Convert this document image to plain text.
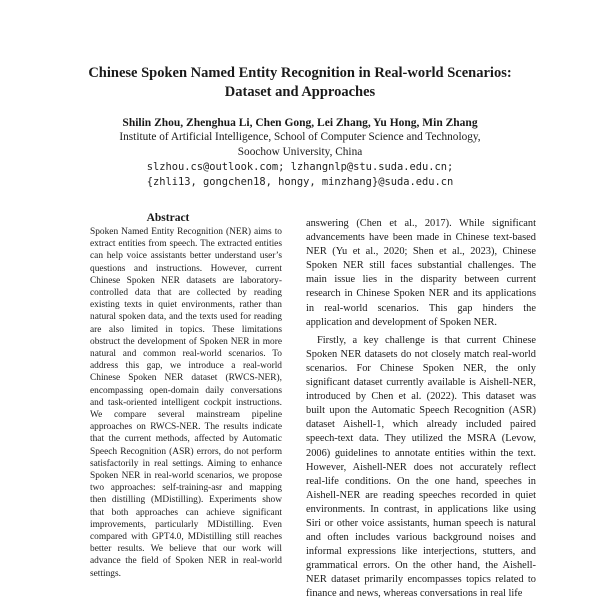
Chinese Spoken Named Entity Recognition in Real-world Scenarios:
Dataset and Approaches
Shilin Zhou, Zhenghua Li, Chen Gong, Lei Zhang, Yu Hong, Min Zhang
Institute of Artificial Intelligence, School of Computer Science and Technology,
Soochow University, China
slzhou.cs@outlook.com; lzhangnlp@stu.suda.edu.cn;
{zhli13, gongchen18, hongy, minzhang}@suda.edu.cn
Abstract
Spoken Named Entity Recognition (NER) aims to extract entities from speech. The extracted entities can help voice assistants better understand user’s questions and instructions. However, current Chinese Spoken NER datasets are laboratory-controlled data that are collected by reading existing texts in quiet environments, rather than natural spoken data, and the texts used for reading are also limited in topics. These limitations obstruct the development of Spoken NER in more natural and common real-world scenarios. To address this gap, we introduce a real-world Chinese Spoken NER dataset (RWCS-NER), encompassing open-domain daily conversations and task-oriented intelligent cockpit instructions. We compare several mainstream pipeline approaches on RWCS-NER. The results indicate that the current methods, affected by Automatic Speech Recognition (ASR) errors, do not perform satisfactorily in real settings. Aiming to enhance Spoken NER in real-world scenarios, we propose two approaches: self-training-asr and mapping then distilling (MDistilling). Experiments show that both approaches can achieve significant improvements, particularly MDistilling. Even compared with GPT4.0, MDistilling still reaches better results. We believe that our work will advance the field of Spoken NER in real-world settings.

answering (Chen et al., 2017). While significant advancements have been made in Chinese text-based NER (Yu et al., 2020; Shen et al., 2023), Chinese Spoken NER still faces substantial challenges. The main issue lies in the disparity between current research in Chinese Spoken NER and its applications in real-world scenarios. This gap hinders the application and development of Spoken NER.

Firstly, a key challenge is that current Chinese Spoken NER datasets do not closely match real-world scenarios. For Chinese Spoken NER, the only significant dataset currently available is Aishell-NER, introduced by Chen et al. (2022). This dataset was built upon the Automatic Speech Recognition (ASR) dataset Aishell-1, which already included paired speech-text data. They utilized the MSRA (Levow, 2006) guidelines to annotate entities within the text. However, Aishell-NER does not accurately reflect real-life conditions. On the one hand, speeches in Aishell-NER are reading speeches recorded in quiet environments. In contrast, in applications like using Siri or other voice assistants, human speech is natural and often includes various background noises and informal expressions like interjections, stutters, and grammatical errors. On the other hand, the Aishell-NER dataset primarily encompasses topics related to finance and news, whereas conversations in real life
